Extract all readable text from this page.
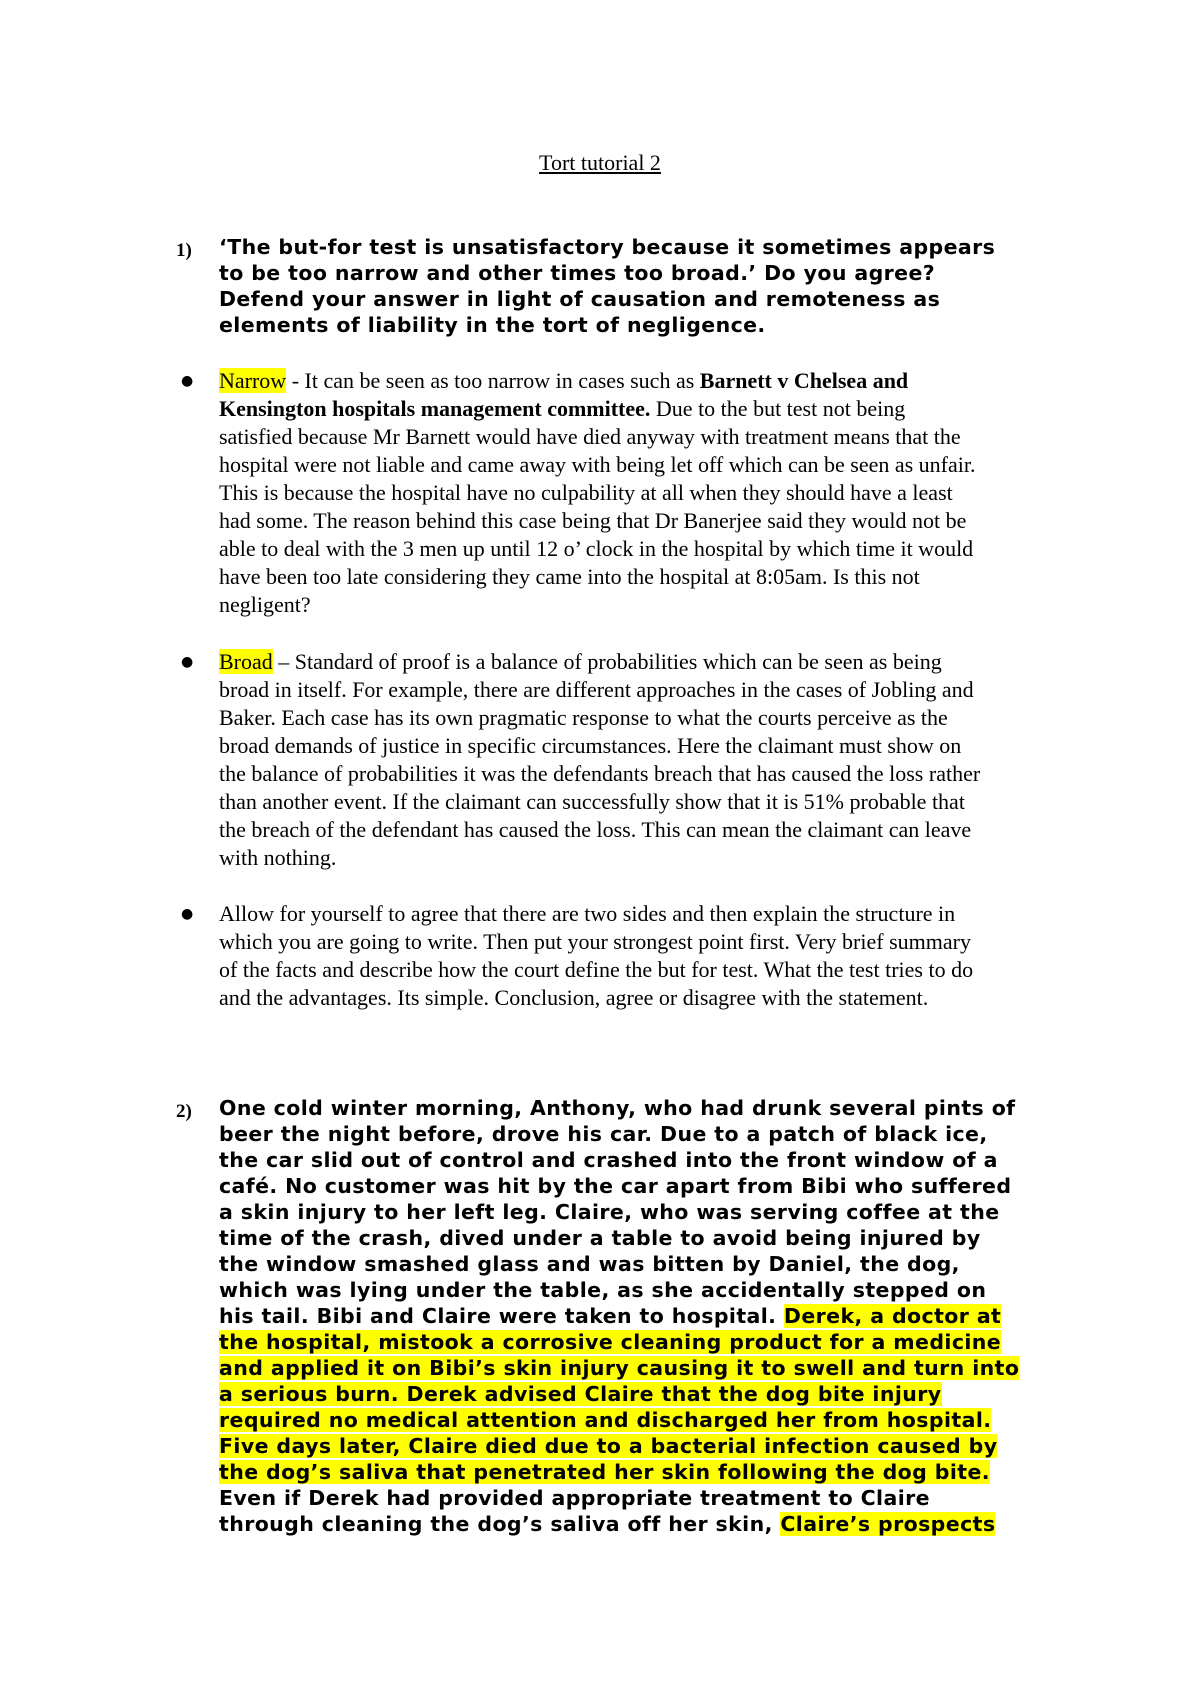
Tort tutorial 2
1) ‘The but-for test is unsatisfactory because it sometimes appears
to be too narrow and other times too broad.’ Do you agree?
Defend your answer in light of causation and remoteness as
elements of liability in the tort of negligence.
● Narrow - It can be seen as too narrow in cases such as Barnett v Chelsea and
Kensington hospitals management committee. Due to the but test not being
satisfied because Mr Barnett would have died anyway with treatment means that the
hospital were not liable and came away with being let off which can be seen as unfair.
This is because the hospital have no culpability at all when they should have a least
had some. The reason behind this case being that Dr Banerjee said they would not be
able to deal with the 3 men up until 12 o’ clock in the hospital by which time it would
have been too late considering they came into the hospital at 8:05am. Is this not
negligent?
● Broad – Standard of proof is a balance of probabilities which can be seen as being
broad in itself. For example, there are different approaches in the cases of Jobling and
Baker. Each case has its own pragmatic response to what the courts perceive as the
broad demands of justice in specific circumstances. Here the claimant must show on
the balance of probabilities it was the defendants breach that has caused the loss rather
than another event. If the claimant can successfully show that it is 51% probable that
the breach of the defendant has caused the loss. This can mean the claimant can leave
with nothing.
● Allow for yourself to agree that there are two sides and then explain the structure in
which you are going to write. Then put your strongest point first. Very brief summary
of the facts and describe how the court define the but for test. What the test tries to do
and the advantages. Its simple. Conclusion, agree or disagree with the statement.
2) One cold winter morning, Anthony, who had drunk several pints of
beer the night before, drove his car. Due to a patch of black ice,
the car slid out of control and crashed into the front window of a
café. No customer was hit by the car apart from Bibi who suffered
a skin injury to her left leg. Claire, who was serving coffee at the
time of the crash, dived under a table to avoid being injured by
the window smashed glass and was bitten by Daniel, the dog,
which was lying under the table, as she accidentally stepped on
his tail. Bibi and Claire were taken to hospital. Derek, a doctor at
the hospital, mistook a corrosive cleaning product for a medicine
and applied it on Bibi’s skin injury causing it to swell and turn into
a serious burn. Derek advised Claire that the dog bite injury
required no medical attention and discharged her from hospital.
Five days later, Claire died due to a bacterial infection caused by
the dog’s saliva that penetrated her skin following the dog bite.
Even if Derek had provided appropriate treatment to Claire
through cleaning the dog’s saliva off her skin, Claire’s prospects
